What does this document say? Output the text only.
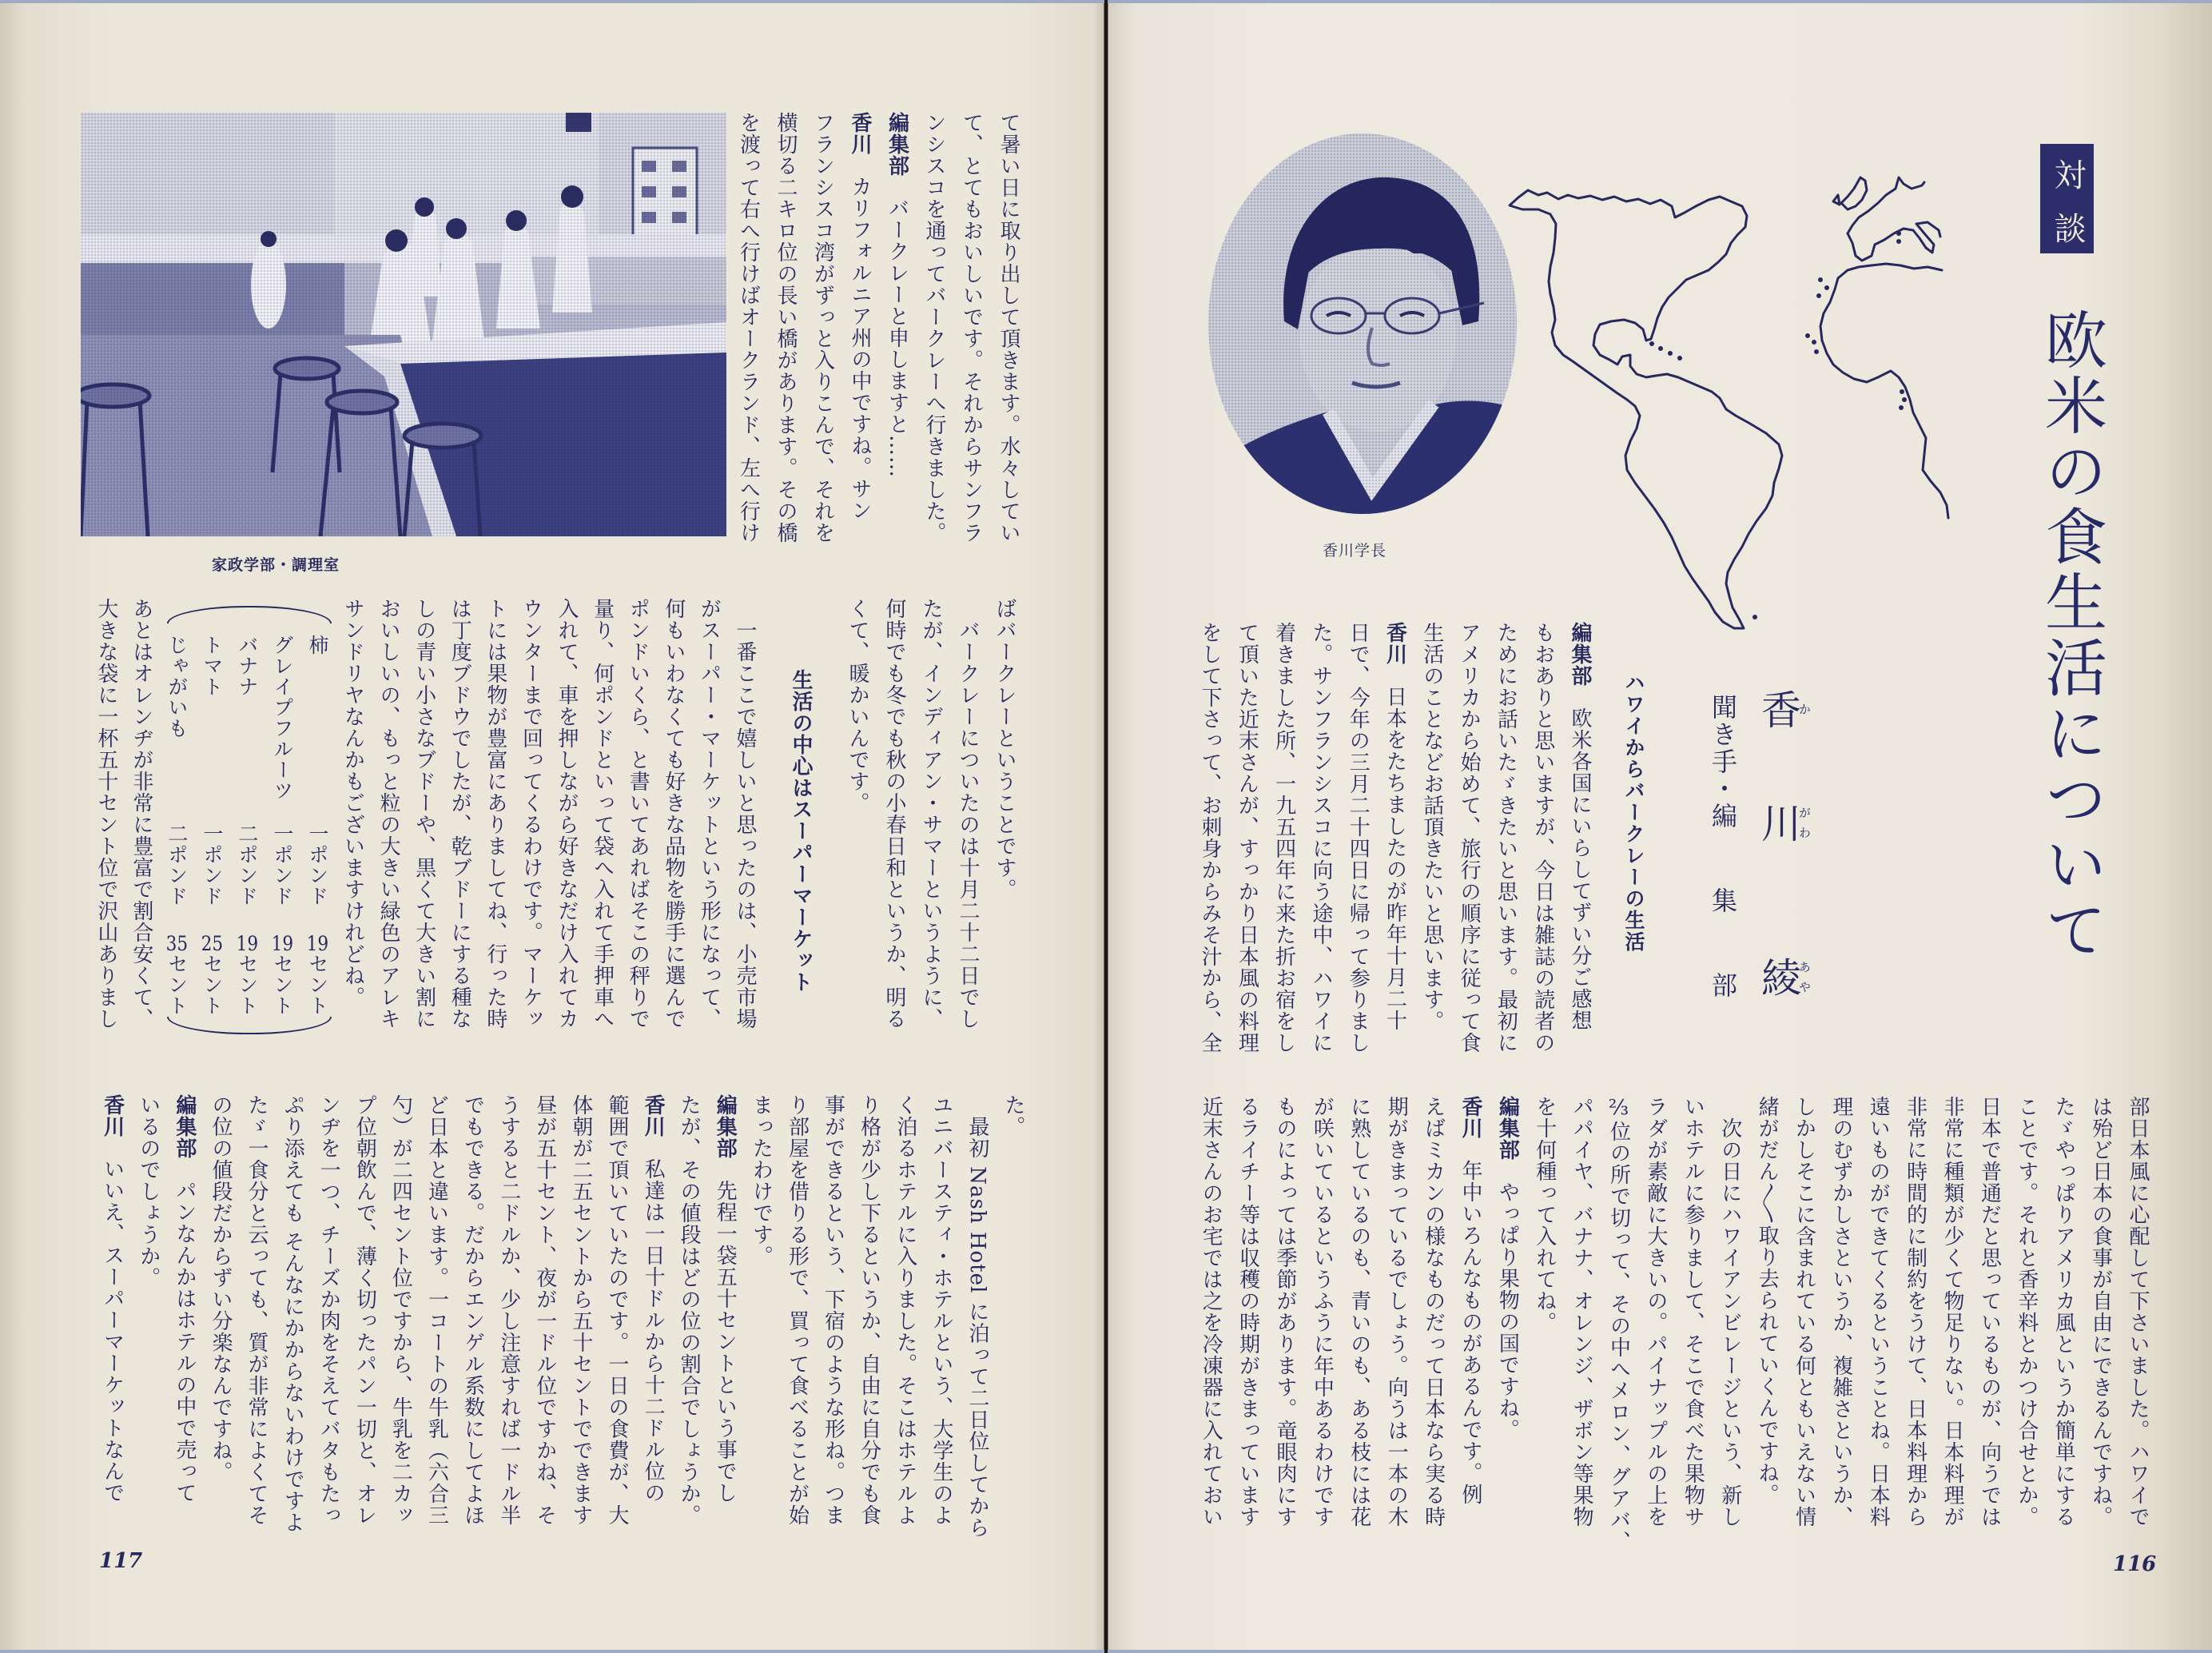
家政学部・調理室
て暑い日に取り出して頂きます。水々してい
て、とてもおいしいです。それからサンフラ
ンシスコを通ってバークレーへ行きました。
編集部バークレーと申しますと……
香川カリフォルニア州の中ですね。サン
フランシスコ湾がずっと入りこんで、それを
横切る二キロ位の長い橋があります。その橋
を渡って右へ行けばオークランド、左へ行け
ばバークレーということです。
　バークレーについたのは十月二十二日でし
たが、インディアン・サマーというように、
何時でも冬でも秋の小春日和というか、明る
くて、暖かいんです。
生活の中心はスーパーマーケット
　一番ここで嬉しいと思ったのは、小売市場
がスーパー・マーケットという形になって、
何もいわなくても好きな品物を勝手に選んで
ポンドいくら、と書いてあればそこの秤りで
量り、何ポンドといって袋へ入れて手押車へ
入れて、車を押しながら好きなだけ入れてカ
ウンターまで回ってくるわけです。マーケッ
トには果物が豊富にありましてね、行った時
は丁度ブドウでしたが、乾ブドーにする種な
しの青い小さなブドーや、黒くて大きい割に
おいしいの、もっと粒の大きい緑色のアレキ
サンドリヤなんかもございますけれどね。
柿
一ポンド19セント
グレイプフルーツ
一ポンド19セント
バナナ
二ポンド19セント
トマト
一ポンド25セント
じゃがいも
二ポンド35セント
あとはオレンヂが非常に豊富で割合安くて、
大きな袋に一杯五十セント位で沢山ありまし
た。
　最初 Nash Hotel に泊って二日位してから
ユニバースティ・ホテルという、大学生のよ
く泊るホテルに入りました。そこはホテルよ
り格が少し下るというか、自由に自分でも食
事ができるという、下宿のような形ね。つま
り部屋を借りる形で、買って食べることが始
まったわけです。
編集部先程一袋五十セントという事でし
たが、その値段はどの位の割合でしょうか。
香川私達は一日十ドルから十二ドル位の
範囲で頂いていたのです。一日の食費が、大
体朝が二五セントから五十セントでできます
昼が五十セント、夜が一ドル位ですかね、そ
うすると二ドルか、少し注意すれば一ドル半
でもできる。だからエンゲル系数にしてよほ
ど日本と違います。一コートの牛乳（六合三
勺）が二四セント位ですから、牛乳を二カッ
プ位朝飲んで、薄く切ったパン一切と、オレ
ンヂを一つ、チーズか肉をそえてバタもたっ
ぷり添えても そんなにかからないわけですよ
たゞ一食分と云っても、質が非常によくてそ
の位の値段だからずい分楽なんですね。
編集部パンなんかはホテルの中で売って
いるのでしょうか。
香川いいえ、スーパーマーケットなんで
117
香川学長
対談
欧米の食生活について
香か
川がわ
綾あや
聞き手・編集部
ハワイからバークレーの生活
編集部欧米各国にいらしてずい分ご感想
もおありと思いますが、今日は雑誌の読者の
ためにお話いたゞきたいと思います。最初に
アメリカから始めて、旅行の順序に従って食
生活のことなどお話頂きたいと思います。
香川日本をたちましたのが昨年十月二十
日で、今年の三月二十四日に帰って参りまし
た。サンフランシスコに向う途中、ハワイに
着きました所、一九五四年に来た折お宿をし
て頂いた近末さんが、すっかり日本風の料理
をして下さって、お刺身からみそ汁から、全
部日本風に心配して下さいました。ハワイで
は殆ど日本の食事が自由にできるんですね。
たゞやっぱりアメリカ風というか簡単にする
ことです。それと香辛料とかつけ合せとか。
日本で普通だと思っているものが、向うでは
非常に種類が少くて物足りない。日本料理が
非常に時間的に制約をうけて、日本料理から
遠いものができてくるということね。日本料
理のむずかしさというか、複雑さというか、
しかしそこに含まれている何ともいえない情
緒がだん〳〵取り去られていくんですね。
　次の日にハワイアンビレージという、新し
いホテルに参りまして、そこで食べた果物サ
ラダが素敵に大きいの。パイナップルの上を
⅔位の所で切って、その中へメロン、グアバ、
パパイヤ、バナナ、オレンジ、ザボン等果物
を十何種って入れてね。
編集部やっぱり果物の国ですね。
香川年中いろんなものがあるんです。例
えばミカンの様なものだって日本なら実る時
期がきまっているでしょう。向うは一本の木
に熟しているのも、青いのも、ある枝には花
が咲いているというふうに年中あるわけです
ものによっては季節があります。竜眼肉にす
るライチー等は収穫の時期がきまっています
近末さんのお宅では之を冷凍器に入れておい
116
